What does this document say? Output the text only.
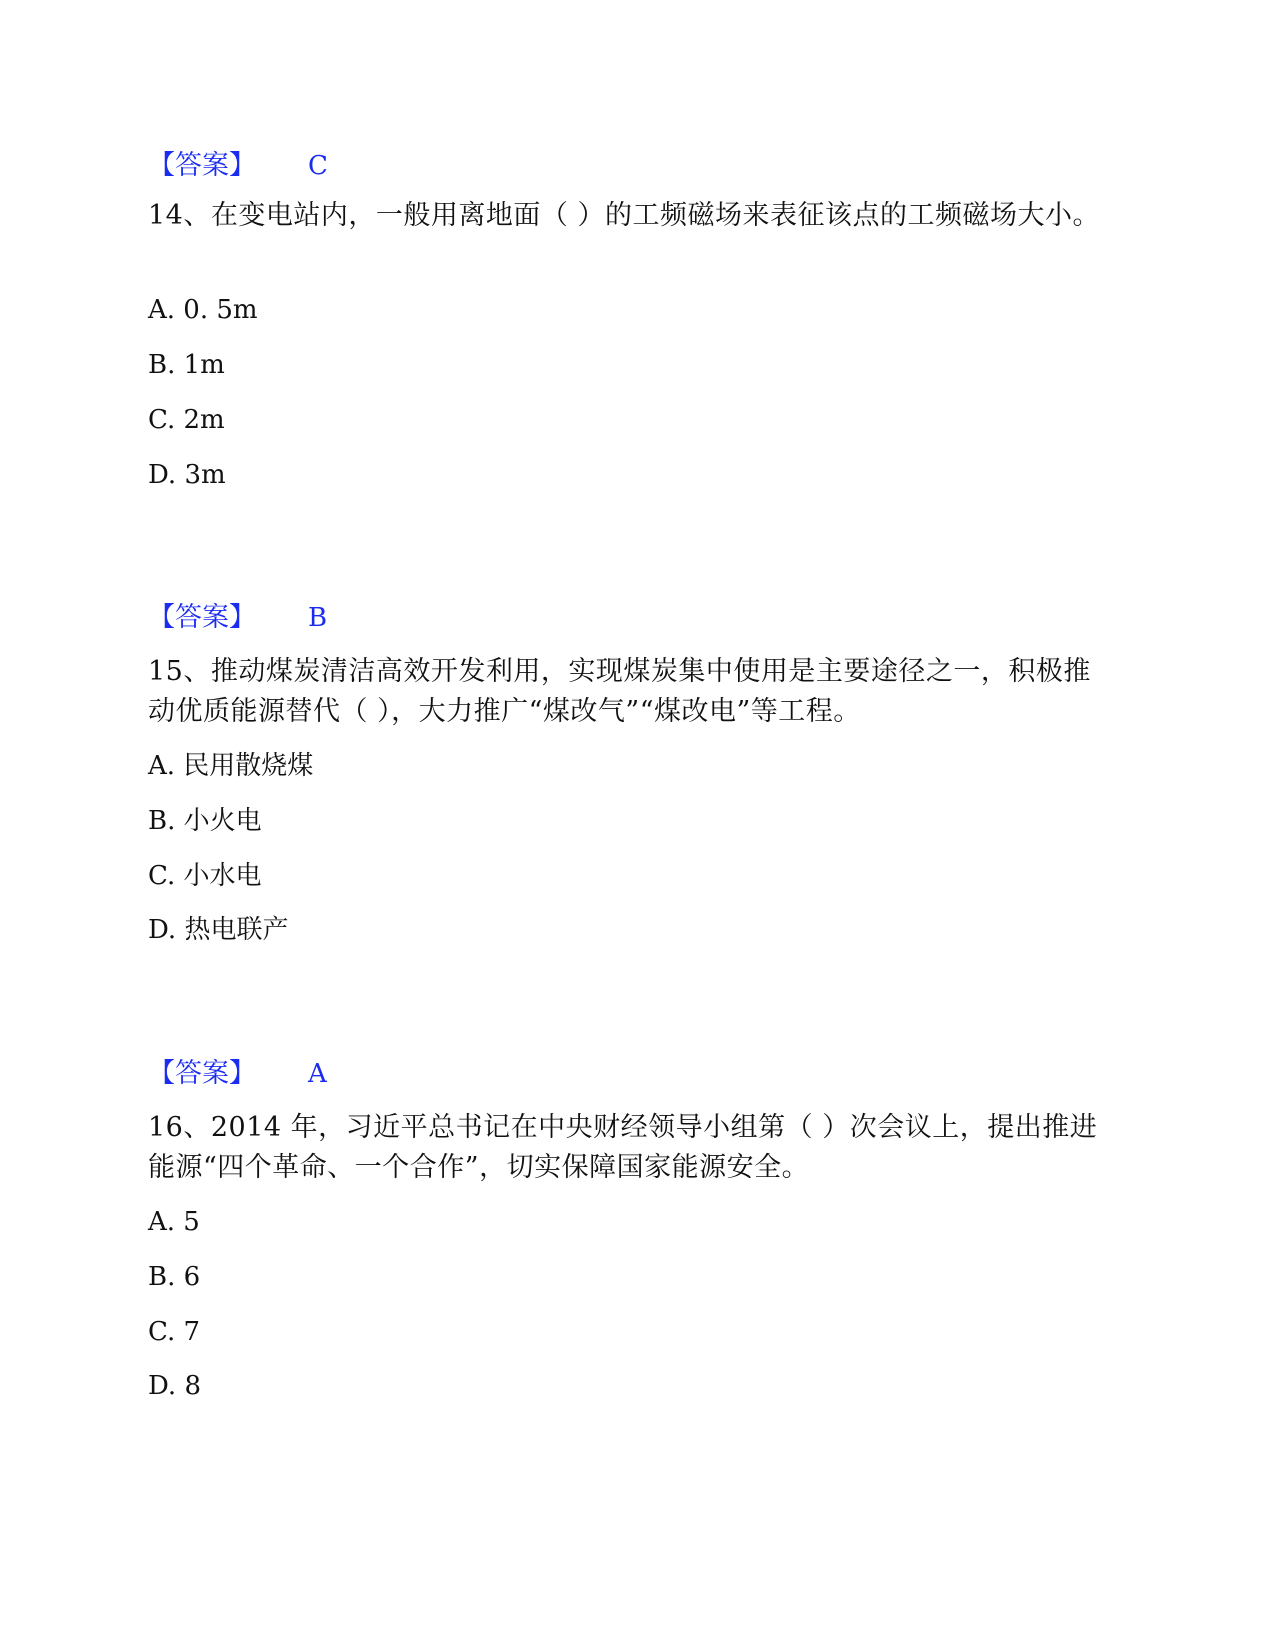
【答案】 C
14、在变电站内，一般用离地面（ ）的工频磁场来表征该点的工频磁场大小。
A. 0. 5m
B. 1m
C. 2m
D. 3m
【答案】 B
15、推动煤炭清洁高效开发利用，实现煤炭集中使用是主要途径之一，积极推动优质能源替代（ ），大力推广“煤改气”“煤改电”等工程。
A. 民用散烧煤
B. 小火电
C. 小水电
D. 热电联产
【答案】 A
16、2014 年，习近平总书记在中央财经领导小组第（ ）次会议上，提出推进能源“四个革命、一个合作”，切实保障国家能源安全。
A. 5
B. 6
C. 7
D. 8
